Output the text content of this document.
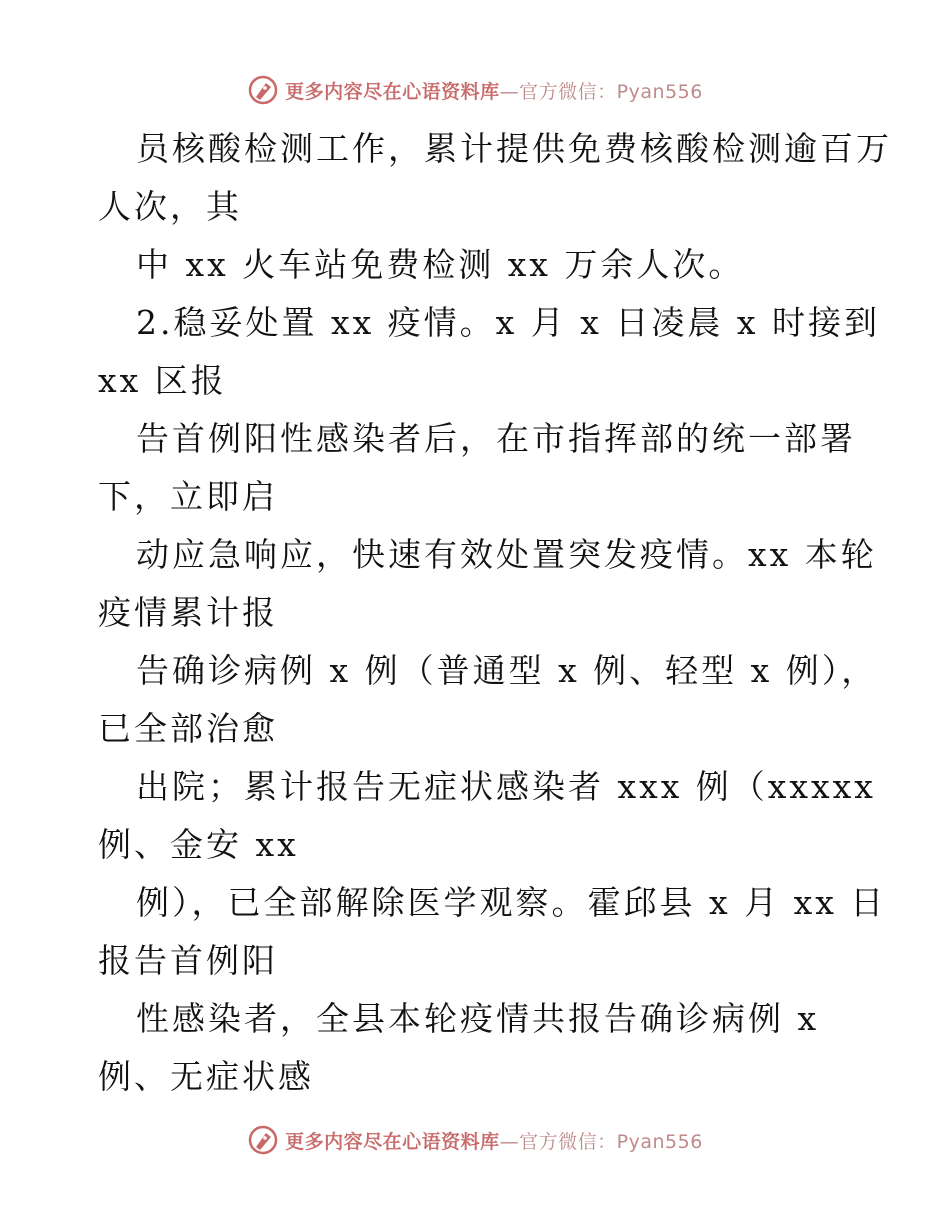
更多内容尽在心语资料库—官方微信：Pyan556
员核酸检测工作，累计提供免费核酸检测逾百万
人次，其
中 xx 火车站免费检测 xx 万余人次。
2.稳妥处置 xx 疫情。x 月 x 日凌晨 x 时接到
xx 区报
告首例阳性感染者后，在市指挥部的统一部署
下，立即启
动应急响应，快速有效处置突发疫情。xx 本轮
疫情累计报
告确诊病例 x 例（普通型 x 例、轻型 x 例），
已全部治愈
出院；累计报告无症状感染者 xxx 例（xxxxx
例、金安 xx
例），已全部解除医学观察。霍邱县 x 月 xx 日
报告首例阳
性感染者，全县本轮疫情共报告确诊病例 x
例、无症状感
更多内容尽在心语资料库—官方微信：Pyan556
